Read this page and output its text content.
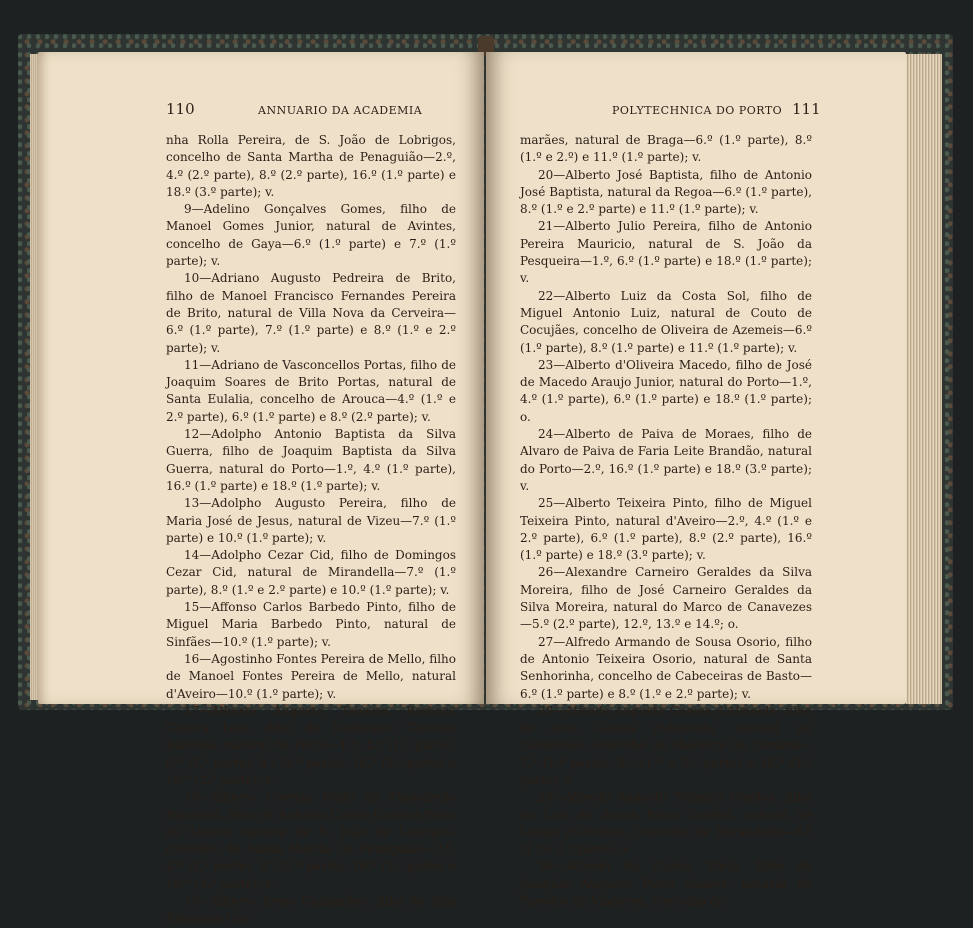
110	ANNUARIO DA ACADEMIA	POLYTECHNICA DO PORTO 111

nha Rolla Pereira, de S. João de Lobrigos, concelho de Santa Martha de Penaguião—2.º, 4.º (2.º parte), 8.º (2.º parte), 16.º (1.º parte) e 18.º (3.º parte); v.

9—Adelino Gonçalves Gomes, filho de Manoel Gomes Junior, natural de Avintes, concelho de Gaya—6.º (1.º parte) e 7.º (1.º parte); v.

10—Adriano Augusto Pedreira de Brito, filho de Manoel Francisco Fernandes Pereira de Brito, natural de Villa Nova da Cerveira—6.º (1.º parte), 7.º (1.º parte) e 8.º (1.º e 2.º parte); v.

11—Adriano de Vasconcellos Portas, filho de Joaquim Soares de Brito Portas, natural de Santa Eulalia, concelho de Arouca—4.º (1.º e 2.º parte), 6.º (1.º parte) e 8.º (2.º parte); v.

12—Adolpho Antonio Baptista da Silva Guerra, filho de Joaquim Baptista da Silva Guerra, natural do Porto—1.º, 4.º (1.º parte), 16.º (1.º parte) e 18.º (1.º parte); v.

13—Adolpho Augusto Pereira, filho de Maria José de Jesus, natural de Vizeu—7.º (1.º parte) e 10.º (1.º parte); v.

14—Adolpho Cezar Cid, filho de Domingos Cezar Cid, natural de Mirandella—7.º (1.º parte), 8.º (1.º e 2.º parte) e 10.º (1.º parte); v.

15—Affonso Carlos Barbedo Pinto, filho de Miguel Maria Barbedo Pinto, natural de Sinfães—10.º (1.º parte); v.

16—Agostinho Fontes Pereira de Mello, filho de Manoel Fontes Pereira de Mello, natural d'Aveiro—10.º (1.º parte); v.

17—Alberto Augusto Teixeira Barbosa Guerra Leal, filho de Domingos Teixeira Barbosa, natural do Porto—1.º, 4.º (1.º parte), 6.º (2.º parte), 8.º (2.º parte), 16.º (1.º parte) e 18.º (2.º parte); v.

18—Alberto Correia Pinto de Figueiredo Pimentel, filho de Antonio Carlos Correia Pinto de Lemos, natural de S. João de Lobrigos, concelho de Santa Martha de Penaguião—2.º, 4.º (2.º parte), 8.º (2.º parte), 16.º (1.º parte) e 18.º (3.º parte); v.

19—Alberto Jorge Guimarães, filho de Rita Filomena Gui-

marães, natural de Braga—6.º (1.º parte), 8.º (1.º e 2.º) e 11.º (1.º parte); v.

20—Alberto José Baptista, filho de Antonio José Baptista, natural da Regoa—6.º (1.º parte), 8.º (1.º e 2.º parte) e 11.º (1.º parte); v.

21—Alberto Julio Pereira, filho de Antonio Pereira Mauricio, natural de S. João da Pesqueira—1.º, 6.º (1.º parte) e 18.º (1.º parte); v.

22—Alberto Luiz da Costa Sol, filho de Miguel Antonio Luiz, natural de Couto de Cocujães, concelho de Oliveira de Azemeis—6.º (1.º parte), 8.º (1.º parte) e 11.º (1.º parte); v.

23—Alberto d'Oliveira Macedo, filho de José de Macedo Araujo Junior, natural do Porto—1.º, 4.º (1.º parte), 6.º (1.º parte) e 18.º (1.º parte); o.

24—Alberto de Paiva de Moraes, filho de Alvaro de Paiva de Faria Leite Brandão, natural do Porto—2.º, 16.º (1.º parte) e 18.º (3.º parte); v.

25—Alberto Teixeira Pinto, filho de Miguel Teixeira Pinto, natural d'Aveiro—2.º, 4.º (1.º e 2.º parte), 6.º (1.º parte), 8.º (2.º parte), 16.º (1.º parte) e 18.º (3.º parte); v.

26—Alexandre Carneiro Geraldes da Silva Moreira, filho de José Carneiro Geraldes da Silva Moreira, natural do Marco de Canavezes—5.º (2.º parte), 12.º, 13.º e 14.º; o.

27—Alfredo Armando de Sousa Osorio, filho de Antonio Teixeira Osorio, natural de Santa Senhorinha, concelho de Cabeceiras de Basto—6.º (1.º parte) e 8.º (1.º e 2.º parte); v.

28—Alfredo Augusto Gomes d'Almeida, filho de José Gomes d'Almeida, natural de Castellões, concelho de Macieira de Cambra—7.º (1.º parte), 8.º (1.º e 2.º parte) e 10.º (1.º parte); v.

29—Alfredo Augusto Teixeira Guedes, filho de Luiz de Sousa Pinto Guedes, natural de Lamas d'Orelhão, concelho de Mirandella—8.º (1.º e 2.º parte); v.

30—Alfredo da Cunha Pinto, filho de Joaquim Augusto Pinto Soares, natural de Paredes de Viadores, concelho do
